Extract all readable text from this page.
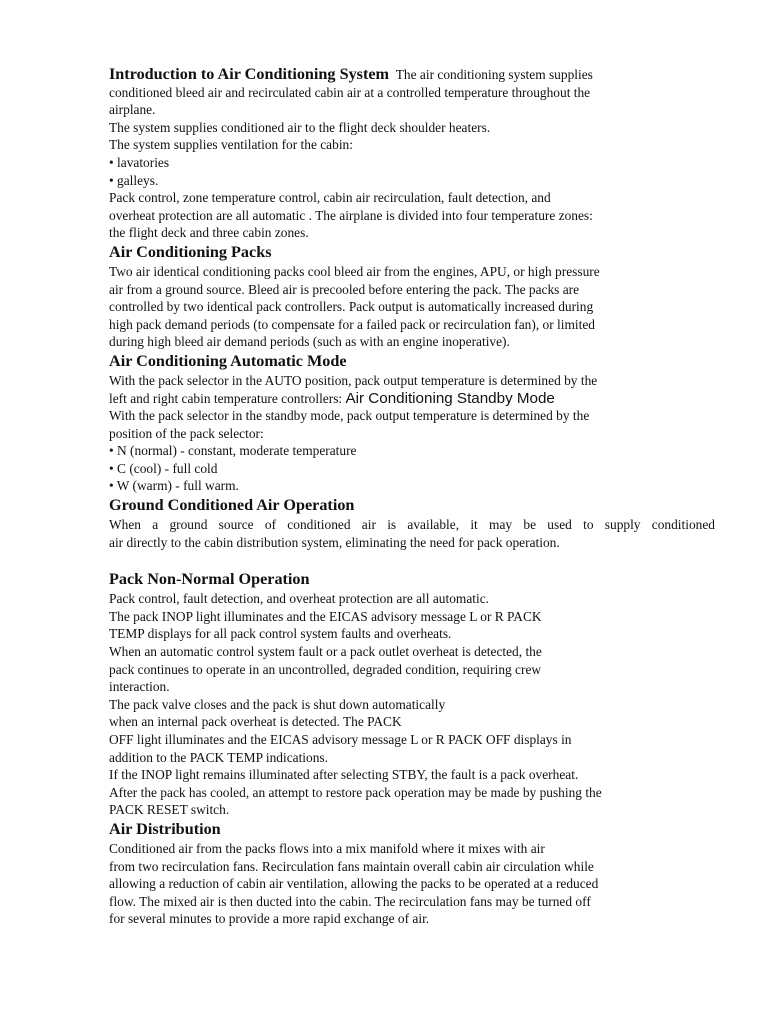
Introduction to Air Conditioning System The air conditioning system supplies
conditioned bleed air and recirculated cabin air at a controlled temperature throughout the
airplane.
The system supplies conditioned air to the flight deck shoulder heaters.
The system supplies ventilation for the cabin:
• lavatories
• galleys.
Pack control, zone temperature control, cabin air recirculation, fault detection, and
overheat protection are all automatic . The airplane is divided into four temperature zones:
the flight deck and three cabin zones.
Air Conditioning Packs
Two air identical conditioning packs cool bleed air from the engines, APU, or high pressure
air from a ground source. Bleed air is precooled before entering the pack. The packs are
controlled by two identical pack controllers. Pack output is automatically increased during
high pack demand periods (to compensate for a failed pack or recirculation fan), or limited
during high bleed air demand periods (such as with an engine inoperative).
Air Conditioning Automatic Mode
With the pack selector in the AUTO position, pack output temperature is determined by the
left and right cabin temperature controllers: Air Conditioning Standby Mode
With the pack selector in the standby mode, pack output temperature is determined by the
position of the pack selector:
• N (normal) - constant, moderate temperature
• C (cool) - full cold
• W (warm) - full warm.
Ground Conditioned Air Operation
When a ground source of conditioned air is available, it may be used to supply conditioned
air directly to the cabin distribution system, eliminating the need for pack operation.
Pack Non-Normal Operation
Pack control, fault detection, and overheat protection are all automatic.
The pack INOP light illuminates and the EICAS advisory message L or R PACK
TEMP displays for all pack control system faults and overheats.
When an automatic control system fault or a pack outlet overheat is detected, the
pack continues to operate in an uncontrolled, degraded condition, requiring crew
interaction.
The pack valve closes and the pack is shut down automatically
when an internal pack overheat is detected. The PACK
OFF light illuminates and the EICAS advisory message L or R PACK OFF displays in
addition to the PACK TEMP indications.
If the INOP light remains illuminated after selecting STBY, the fault is a pack overheat.
After the pack has cooled, an attempt to restore pack operation may be made by pushing the
PACK RESET switch.
Air Distribution
Conditioned air from the packs flows into a mix manifold where it mixes with air
from two recirculation fans. Recirculation fans maintain overall cabin air circulation while
allowing a reduction of cabin air ventilation, allowing the packs to be operated at a reduced
flow. The mixed air is then ducted into the cabin. The recirculation fans may be turned off
for several minutes to provide a more rapid exchange of air.
